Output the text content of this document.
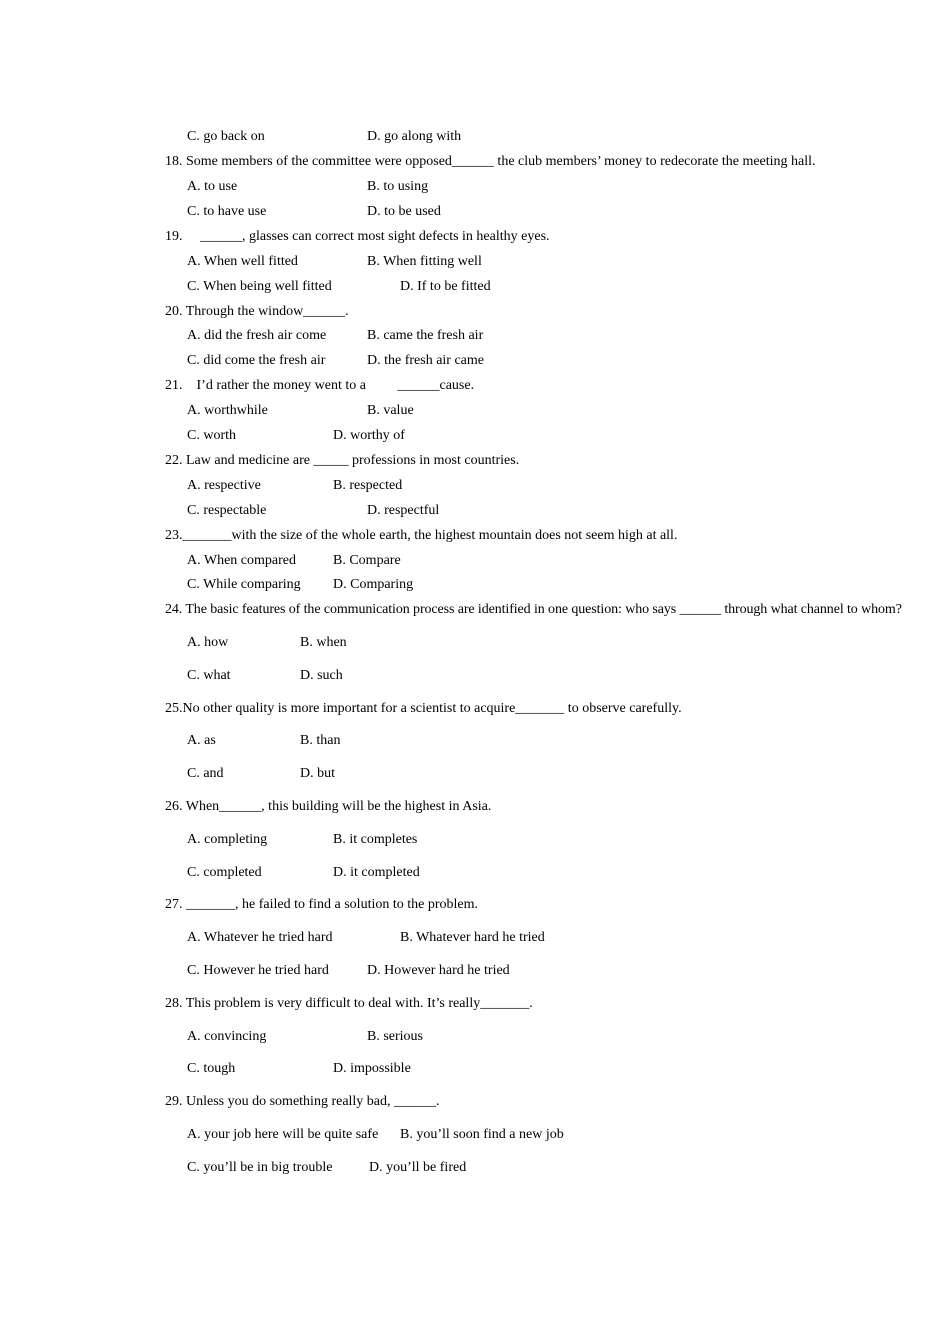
C. go back on	D. go along with
18. Some members of the committee were opposed______ the club members’ money to redecorate the meeting hall.
A. to use	B. to using
C. to have use	D. to be used
19.  ______, glasses can correct most sight defects in healthy eyes.
A. When well fitted	B. When fitting well
C. When being well fitted	D. If to be fitted
20. Through the window______.
A. did the fresh air come	B. came the fresh air
C. did come the fresh air	D. the fresh air came
21. I’d rather the money went to a   ______cause.
A. worthwhile	B. value
C. worth	D. worthy of
22. Law and medicine are _____ professions in most countries.
A. respective	B. respected
C. respectable	D. respectful
23._______with the size of the whole earth, the highest mountain does not seem high at all.
A. When compared	B. Compare
C. While comparing D. Comparing
24. The basic features of the communication process are identified in one question: who says ______ through what channel to whom?
A. how	B. when
C. what	D. such
25.No other quality is more important for a scientist to acquire_______ to observe carefully.
A. as	B. than
C. and	D. but
26. When______, this building will be the highest in Asia.
A. completing	B. it completes
C. completed	D. it completed
27. _______, he failed to find a solution to the problem.
A. Whatever he tried hard	B. Whatever hard he tried
C. However he tried hard	D. However hard he tried
28. This problem is very difficult to deal with. It’s really_______.
A. convincing	B. serious
C. tough	D. impossible
29. Unless you do something really bad, ______.
A. your job here will be quite safe B. you’ll soon find a new job
C. you’ll be in big trouble	D. you’ll be fired
